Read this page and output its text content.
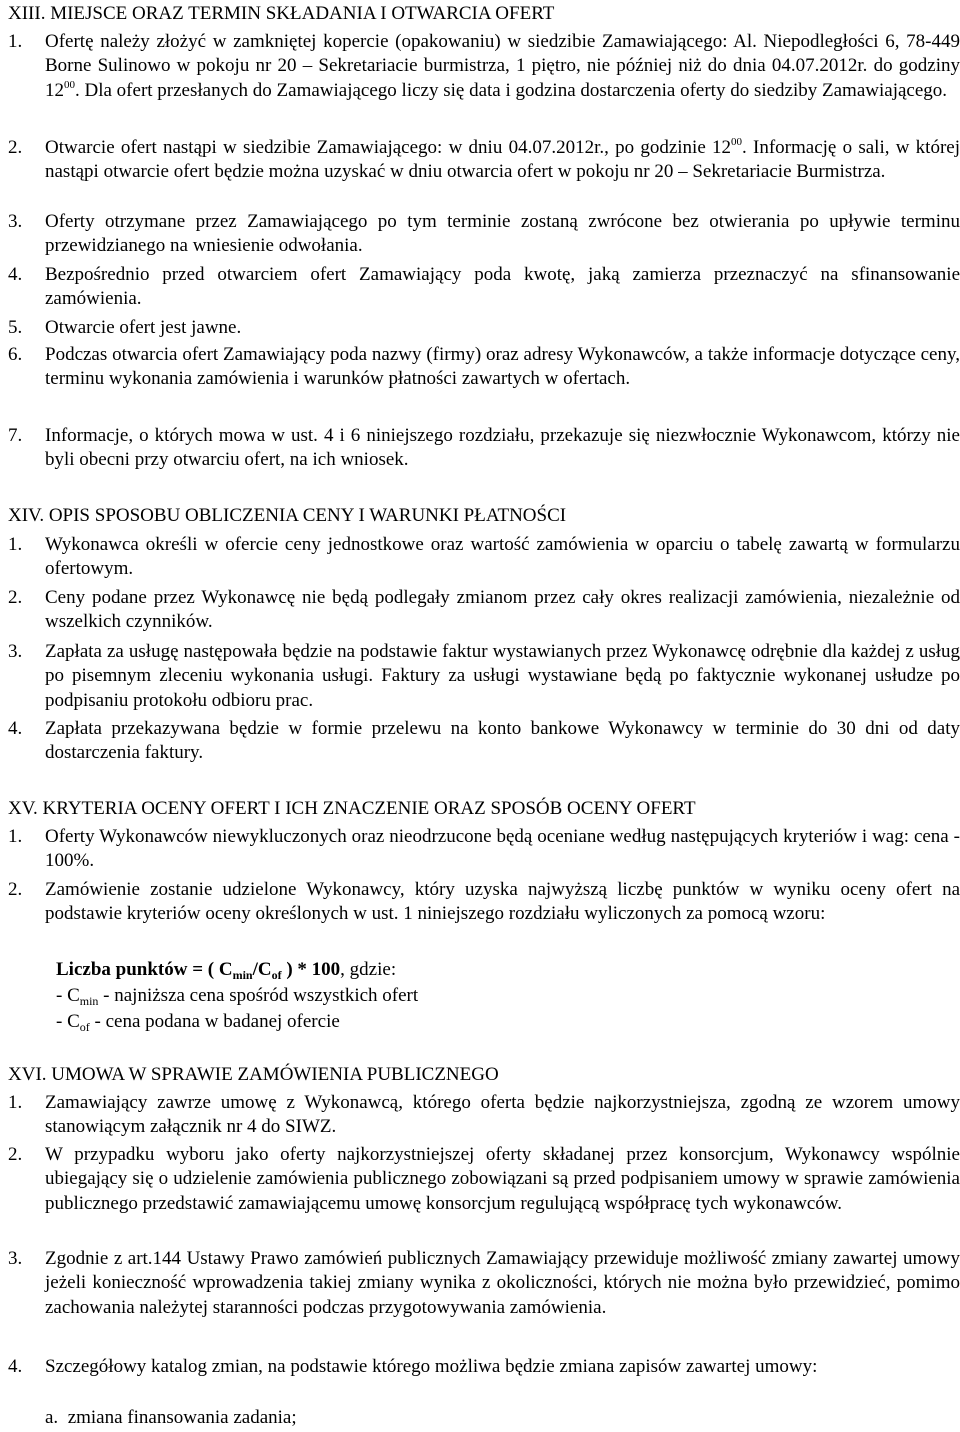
XIII. MIEJSCE ORAZ TERMIN SKŁADANIA I OTWARCIA OFERT
1.	Ofertę należy złożyć w zamkniętej kopercie (opakowaniu) w siedzibie Zamawiającego: Al. Niepodległości 6, 78-449 Borne Sulinowo w pokoju nr 20 – Sekretariacie burmistrza, 1 piętro, nie później niż do dnia 04.07.2012r. do godziny $12^{00}$. Dla ofert przesłanych do Zamawiającego liczy się data i godzina dostarczenia oferty do siedziby Zamawiającego.
2.	Otwarcie ofert nastąpi w siedzibie Zamawiającego: w dniu 04.07.2012r., po godzinie $12^{00}$. Informację o sali, w której nastąpi otwarcie ofert będzie można uzyskać w dniu otwarcia ofert w pokoju nr 20 – Sekretariacie Burmistrza.
3.	Oferty otrzymane przez Zamawiającego po tym terminie zostaną zwrócone bez otwierania po upływie terminu przewidzianego na wniesienie odwołania.
4.	Bezpośrednio przed otwarciem ofert Zamawiający poda kwotę, jaką zamierza przeznaczyć na sfinansowanie zamówienia.
5.	Otwarcie ofert jest jawne.
6.	Podczas otwarcia ofert Zamawiający poda nazwy (firmy) oraz adresy Wykonawców, a także informacje dotyczące ceny, terminu wykonania zamówienia i warunków płatności zawartych w ofertach.
7.	Informacje, o których mowa w ust. 4 i 6 niniejszego rozdziału, przekazuje się niezwłocznie Wykonawcom, którzy nie byli obecni przy otwarciu ofert, na ich wniosek.
XIV. OPIS SPOSOBU OBLICZENIA CENY I WARUNKI PŁATNOŚCI
1.	Wykonawca określi w ofercie ceny jednostkowe oraz wartość zamówienia w oparciu o tabelę zawartą w formularzu ofertowym.
2.	Ceny podane przez Wykonawcę nie będą podlegały zmianom przez cały okres realizacji zamówienia, niezależnie od wszelkich czynników.
3.	Zapłata za usługę następowała będzie na podstawie faktur wystawianych przez Wykonawcę odrębnie dla każdej z usług po pisemnym zleceniu wykonania usługi. Faktury za usługi wystawiane będą po faktycznie wykonanej usłudze po podpisaniu protokołu odbioru prac.
4.	Zapłata przekazywana będzie w formie przelewu na konto bankowe Wykonawcy w terminie do 30 dni od daty dostarczenia faktury.
XV. KRYTERIA OCENY OFERT I ICH ZNACZENIE ORAZ SPOSÓB OCENY OFERT
1.	Oferty Wykonawców niewykluczonych oraz nieodrzucone będą oceniane według następujących kryteriów i wag: cena - 100%.
2.	Zamówienie zostanie udzielone Wykonawcy, który uzyska najwyższą liczbę punktów w wyniku oceny ofert na podstawie kryteriów oceny określonych w ust. 1 niniejszego rozdziału wyliczonych za pomocą wzoru:
Liczba punktów = ( $C_{min}/C_{of}$ ) * 100, gdzie:
- $C_{min}$ - najniższa cena spośród wszystkich ofert
- $C_{of}$ - cena podana w badanej ofercie
XVI. UMOWA W SPRAWIE ZAMÓWIENIA PUBLICZNEGO
1.	Zamawiający zawrze umowę z Wykonawcą, którego oferta będzie najkorzystniejsza, zgodną ze wzorem umowy stanowiącym załącznik nr 4 do SIWZ.
2.	W przypadku wyboru jako oferty najkorzystniejszej oferty składanej przez konsorcjum, Wykonawcy wspólnie ubiegający się o udzielenie zamówienia publicznego zobowiązani są przed podpisaniem umowy w sprawie zamówienia publicznego przedstawić zamawiającemu umowę konsorcjum regulującą współpracę tych wykonawców.
3.	Zgodnie z art.144 Ustawy Prawo zamówień publicznych Zamawiający przewiduje możliwość zmiany zawartej umowy jeżeli konieczność wprowadzenia takiej zmiany wynika z okoliczności, których nie można było przewidzieć, pomimo zachowania należytej staranności podczas przygotowywania zamówienia.
4.	Szczegółowy katalog zmian, na podstawie którego możliwa będzie zmiana zapisów zawartej umowy:
a. zmiana finansowania zadania;
